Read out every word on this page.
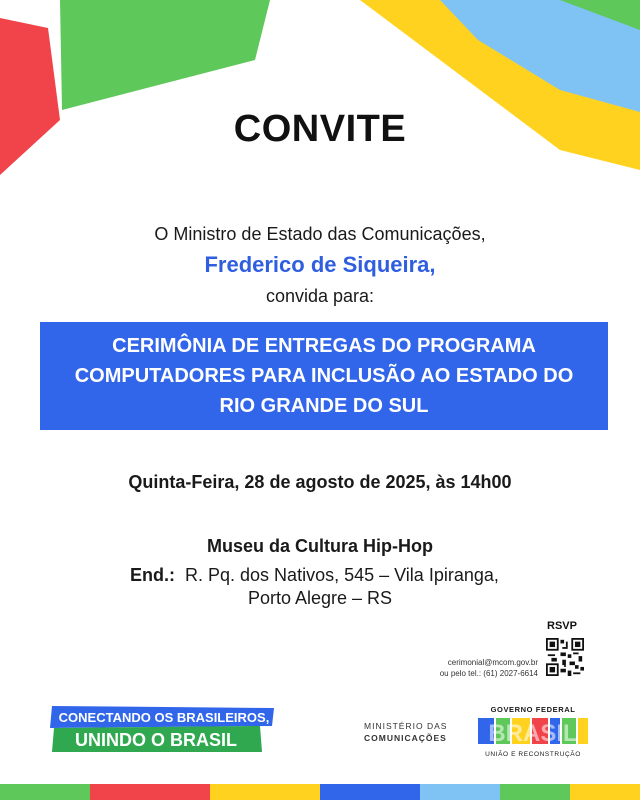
CONVITE
O Ministro de Estado das Comunicações,
Frederico de Siqueira,
convida para:
CERIMÔNIA DE ENTREGAS DO PROGRAMA
COMPUTADORES PARA INCLUSÃO AO ESTADO DO
RIO GRANDE DO SUL
Quinta-Feira, 28 de agosto de 2025, às 14h00
Museu da Cultura Hip-Hop
End.: R. Pq. dos Nativos, 545 – Vila Ipiranga,
Porto Alegre – RS
RSVP
cerimonial@mcom.gov.br
ou pelo tel.: (61) 2027-6614
CONECTANDO OS BRASILEIROS,
UNINDO O BRASIL
MINISTÉRIO DAS
COMUNICAÇÕES
GOVERNO FEDERAL
BRASIL
UNIÃO E RECONSTRUÇÃO
